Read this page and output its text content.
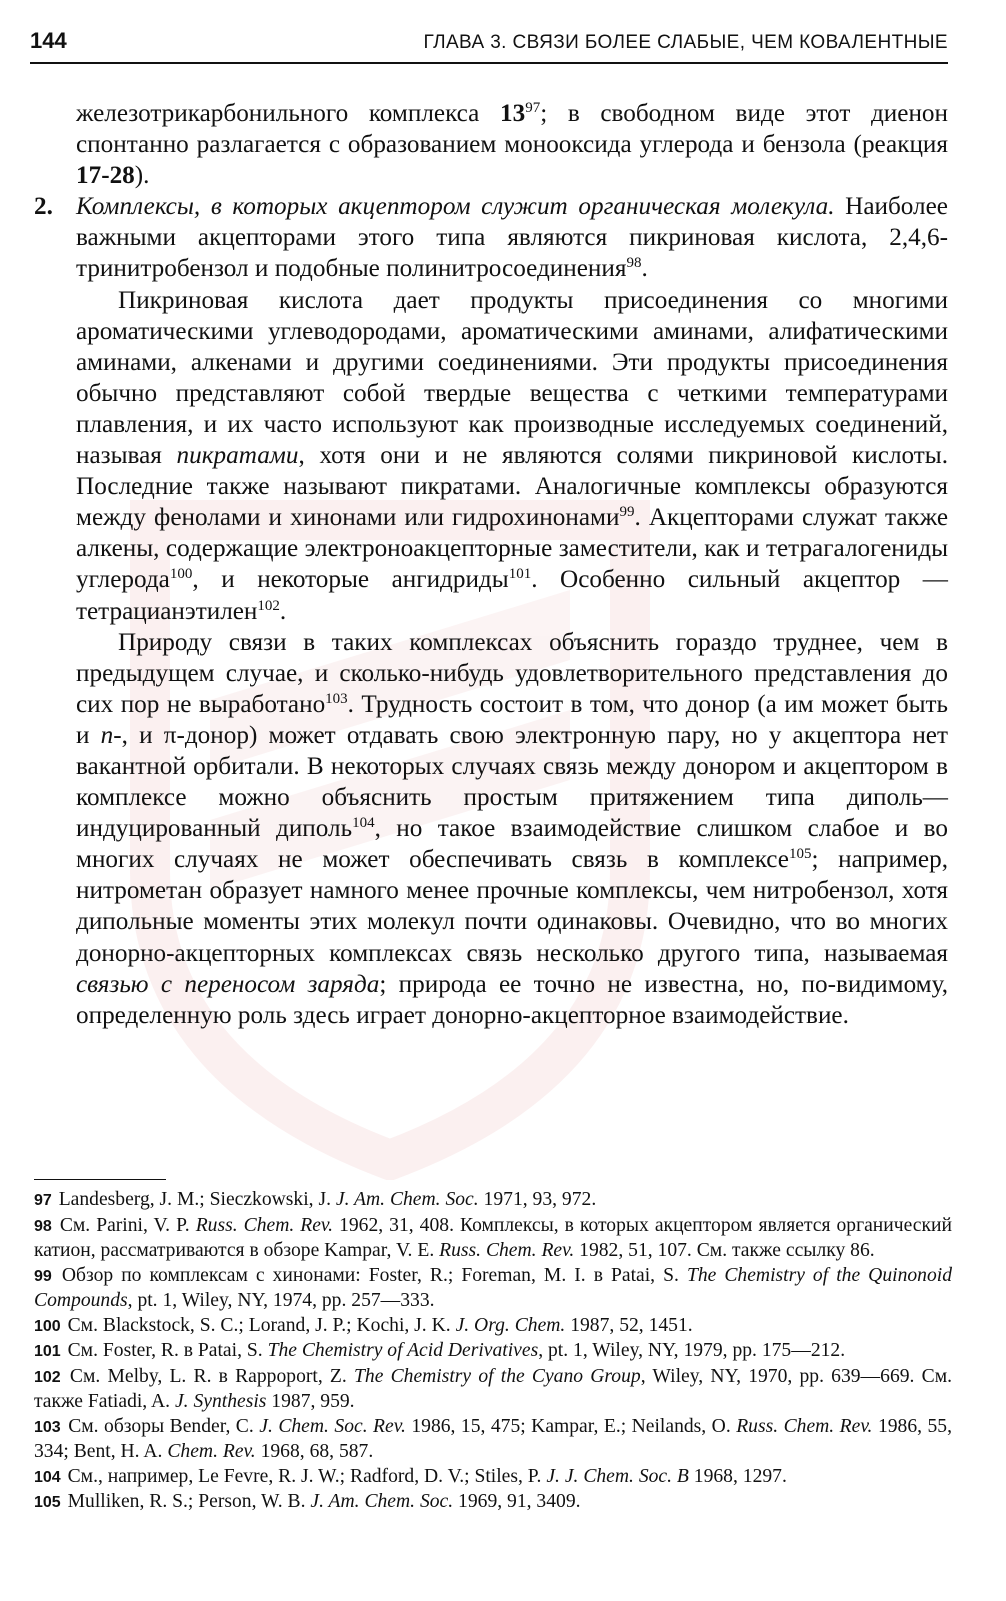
144	ГЛАВА 3. СВЯЗИ БОЛЕЕ СЛАБЫЕ, ЧЕМ КОВАЛЕНТНЫЕ

железотрикарбонильного комплекса $13^{97}$; в свободном виде этот диенон спонтанно разлагается с образованием монооксида углерода и бензола (реакция 17-28).

2. Комплексы, в которых акцептором служит органическая молекула. Наиболее важными акцепторами этого типа являются пикриновая кислота, 2,4,6-тринитробензол и подобные полинитросоединения$^{98}$.

Пикриновая кислота дает продукты присоединения со многими ароматическими углеводородами, ароматическими аминами, алифатическими аминами, алкенами и другими соединениями. Эти продукты присоединения обычно представляют собой твердые вещества с четкими температурами плавления, и их часто используют как производные исследуемых соединений, называя пикратами, хотя они и не являются солями пикриновой кислоты. Последние также называют пикратами. Аналогичные комплексы образуются между фенолами и хинонами или гидрохинонами$^{99}$. Акцепторами служат также алкены, содержащие электроноакцепторные заместители, как и тетрагалогениды углерода$^{100}$, и некоторые ангидриды$^{101}$. Особенно сильный акцептор — тетрацианэтилен$^{102}$.

Природу связи в таких комплексах объяснить гораздо труднее, чем в предыдущем случае, и сколько-нибудь удовлетворительного представления до сих пор не выработано$^{103}$. Трудность состоит в том, что донор (а им может быть и n-, и π-донор) может отдавать свою электронную пару, но у акцептора нет вакантной орбитали. В некоторых случаях связь между донором и акцептором в комплексе можно объяснить простым притяжением типа диполь—индуцированный диполь$^{104}$, но такое взаимодействие слишком слабое и во многих случаях не может обеспечивать связь в комплексе$^{105}$; например, нитрометан образует намного менее прочные комплексы, чем нитробензол, хотя дипольные моменты этих молекул почти одинаковы. Очевидно, что во многих донорно-акцепторных комплексах связь несколько другого типа, называемая связью с переносом заряда; природа ее точно не известна, но, по-видимому, определенную роль здесь играет донорно-акцепторное взаимодействие.

97 Landesberg, J. M.; Sieczkowski, J. J. Am. Chem. Soc. 1971, 93, 972.

98 См. Parini, V. P. Russ. Chem. Rev. 1962, 31, 408. Комплексы, в которых акцептором является органический катион, рассматриваются в обзоре Kampar, V. E. Russ. Chem. Rev. 1982, 51, 107. См. также ссылку 86.

99 Обзор по комплексам с хинонами: Foster, R.; Foreman, M. I. в Patai, S. The Chemistry of the Quinonoid Compounds, pt. 1, Wiley, NY, 1974, pp. 257—333.

100 См. Blackstock, S. C.; Lorand, J. P.; Kochi, J. K. J. Org. Chem. 1987, 52, 1451.

101 См. Foster, R. в Patai, S. The Chemistry of Acid Derivatives, pt. 1, Wiley, NY, 1979, pp. 175—212.

102 См. Melby, L. R. в Rappoport, Z. The Chemistry of the Cyano Group, Wiley, NY, 1970, pp. 639—669. См. также Fatiadi, A. J. Synthesis 1987, 959.

103 См. обзоры Bender, C. J. Chem. Soc. Rev. 1986, 15, 475; Kampar, E.; Neilands, O. Russ. Chem. Rev. 1986, 55, 334; Bent, H. A. Chem. Rev. 1968, 68, 587.

104 См., например, Le Fevre, R. J. W.; Radford, D. V.; Stiles, P. J. J. Chem. Soc. B 1968, 1297.

105 Mulliken, R. S.; Person, W. B. J. Am. Chem. Soc. 1969, 91, 3409.
